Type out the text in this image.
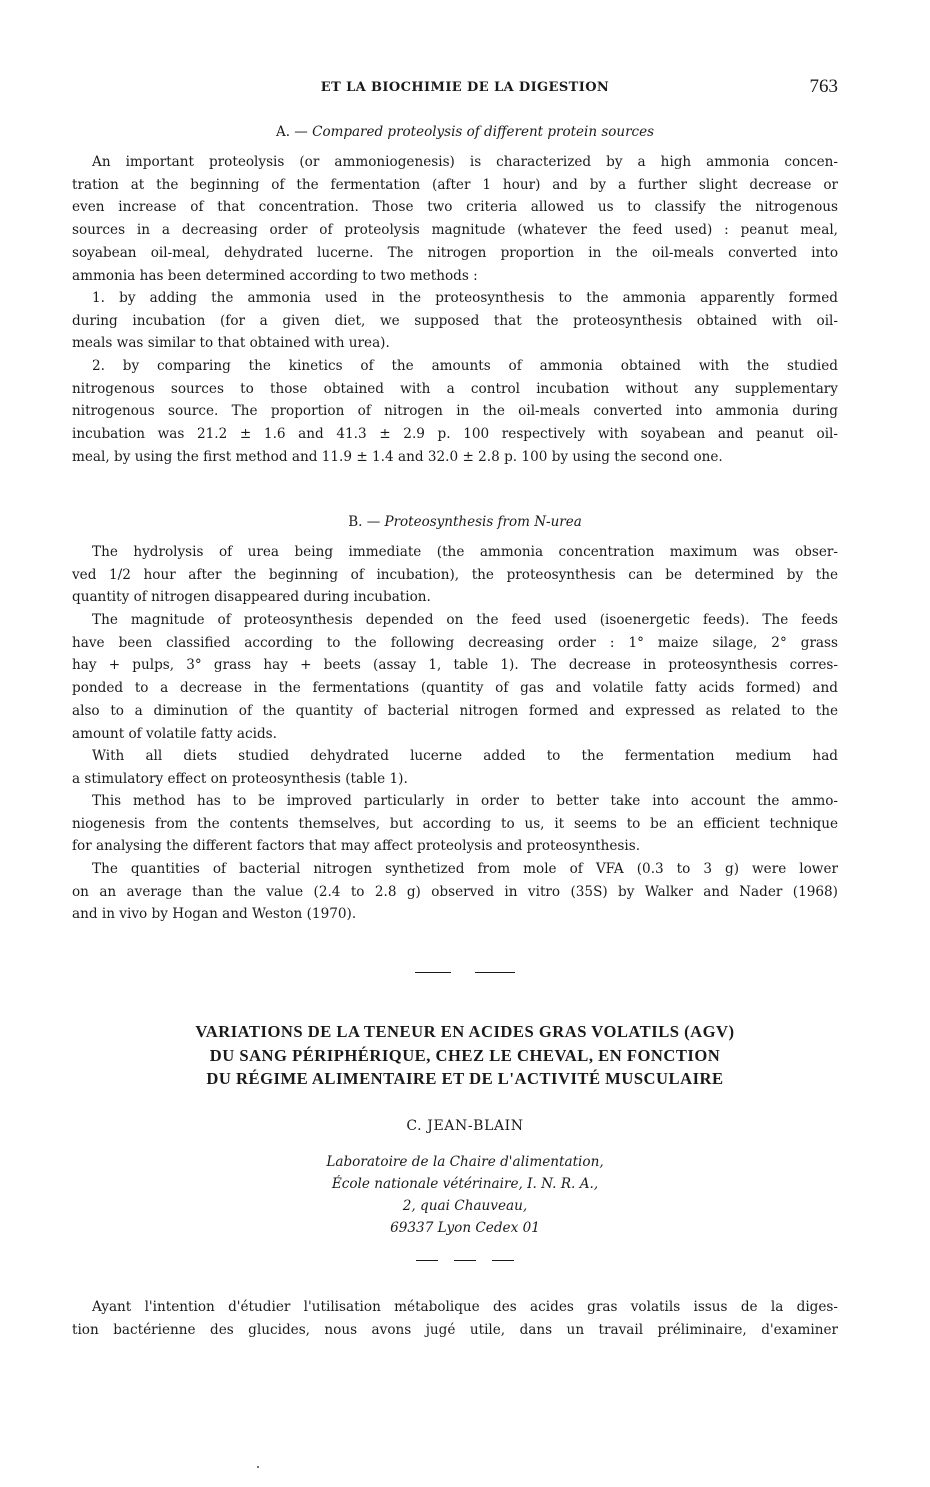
ET LA BIOCHIMIE DE LA DIGESTION	763
A. — Compared proteolysis of different protein sources
An important proteolysis (or ammoniogenesis) is characterized by a high ammonia concen-
tration at the beginning of the fermentation (after 1 hour) and by a further slight decrease or
even increase of that concentration. Those two criteria allowed us to classify the nitrogenous
sources in a decreasing order of proteolysis magnitude (whatever the feed used) : peanut meal,
soyabean oil-meal, dehydrated lucerne. The nitrogen proportion in the oil-meals converted into
ammonia has been determined according to two methods :
1. by adding the ammonia used in the proteosynthesis to the ammonia apparently formed
during incubation (for a given diet, we supposed that the proteosynthesis obtained with oil-
meals was similar to that obtained with urea).
2. by comparing the kinetics of the amounts of ammonia obtained with the studied
nitrogenous sources to those obtained with a control incubation without any supplementary
nitrogenous source. The proportion of nitrogen in the oil-meals converted into ammonia during
incubation was 21.2 ± 1.6 and 41.3 ± 2.9 p. 100 respectively with soyabean and peanut oil-
meal, by using the first method and 11.9 ± 1.4 and 32.0 ± 2.8 p. 100 by using the second one.
B. — Proteosynthesis from N-urea
The hydrolysis of urea being immediate (the ammonia concentration maximum was obser-
ved 1/2 hour after the beginning of incubation), the proteosynthesis can be determined by the
quantity of nitrogen disappeared during incubation.
The magnitude of proteosynthesis depended on the feed used (isoenergetic feeds). The feeds
have been classified according to the following decreasing order : 1° maize silage, 2° grass
hay + pulps, 3° grass hay + beets (assay 1, table 1). The decrease in proteosynthesis corres-
ponded to a decrease in the fermentations (quantity of gas and volatile fatty acids formed) and
also to a diminution of the quantity of bacterial nitrogen formed and expressed as related to the
amount of volatile fatty acids.
With all diets studied dehydrated lucerne added to the fermentation medium had
a stimulatory effect on proteosynthesis (table 1).
This method has to be improved particularly in order to better take into account the ammo-
niogenesis from the contents themselves, but according to us, it seems to be an efficient technique
for analysing the different factors that may affect proteolysis and proteosynthesis.
The quantities of bacterial nitrogen synthetized from mole of VFA (0.3 to 3 g) were lower
on an average than the value (2.4 to 2.8 g) observed in vitro (35S) by Walker and Nader (1968)
and in vivo by Hogan and Weston (1970).

VARIATIONS DE LA TENEUR EN ACIDES GRAS VOLATILS (AGV)
DU SANG PÉRIPHÉRIQUE, CHEZ LE CHEVAL, EN FONCTION
DU RÉGIME ALIMENTAIRE ET DE L'ACTIVITÉ MUSCULAIRE
C. JEAN-BLAIN
Laboratoire de la Chaire d'alimentation,
École nationale vétérinaire, I. N. R. A.,
2, quai Chauveau,
69337 Lyon Cedex 01

Ayant l'intention d'étudier l'utilisation métabolique des acides gras volatils issus de la diges-
tion bactérienne des glucides, nous avons jugé utile, dans un travail préliminaire, d'examiner
